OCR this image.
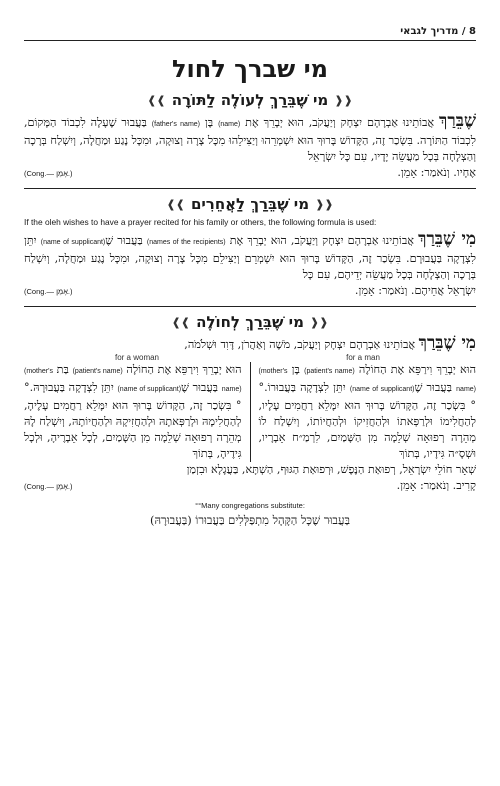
8 / מדריך לגבאי
מי שברך לחול
❰❰
מי שֶׁבֵּרַךְ לְעוֹלֶה לַתּוֹרָה
❱❱
שֶׁבֵּרַךְ אֲבוֹתֵינוּ אַבְרָהָם יִצְחָק וְיַעֲקֹב, הוּא יְבָרֵךְ אֶת (name) בֶּן (father's name) בַּעֲבוּר שֶׁעָלָה לִכְבוֹד הַמָּקוֹם, לִכְבוֹד הַתּוֹרָה. בִּשְׂכַר זֶה, הַקָּדוֹשׁ בָּרוּךְ הוּא יִשְׁמְרֵהוּ וְיַצִּילֵהוּ מִכָּל צָרָה וְצוּקָה, וּמִכָּל נֶגַע וּמַחֲלָה, וְיִשְׁלַח בְּרָכָה וְהַצְלָחָה בְּכָל מַעֲשֵׂה יָדָיו, עִם כָּל יִשְׂרָאֵל
אֶחָיו. וְנֹאמַר: אָמֵן.
(Cong.— אָמֵן.)
❰❰
מי שֶׁבֵּרַךְ לַאֲחֵרִים
❱❱
If the oleh wishes to have a prayer recited for his family or others, the following formula is used:
מִי שֶׁבֵּרַךְ אֲבוֹתֵינוּ אַבְרָהָם יִצְחָק וְיַעֲקֹב, הוּא יְבָרֵךְ אֶת (names of the recipients) בַּעֲבוּר שֶׁ(name of supplicant) יִתֵּן לִצְדָקָה בַּעֲבוּרָם. בִּשְׂכַר זֶה, הַקָּדוֹשׁ בָּרוּךְ הוּא יִשְׁמְרֵם וְיַצִּילֵם מִכָּל צָרָה וְצוּקָה, וּמִכָּל נֶגַע וּמַחֲלָה, וְיִשְׁלַח בְּרָכָה וְהַצְלָחָה בְּכָל מַעֲשֵׂה יְדֵיהֶם, עִם כָּל
יִשְׂרָאֵל אֲחֵיהֶם. וְנֹאמַר: אָמֵן.
(Cong.— אָמֵן.)
❰❰
מי שֶׁבֵּרַךְ לְחוֹלֶה
❱❱
מִי שֶׁבֵּרַךְ אֲבוֹתֵינוּ אַבְרָהָם יִצְחָק וְיַעֲקֹב, מֹשֶׁה וְאַהֲרֹן, דָּוִד וּשְׁלֹמֹה,
for a man
for a woman
הוּא יְבָרֵךְ וִירַפֵּא אֶת הַחוֹלֶה (patient's name) בֶּן (mother's name) בַּעֲבוּר שֶׁ(name of supplicant) יִתֵּן לִצְדָקָה בַּעֲבוּרוֹ.°° בִּשְׂכַר זֶה, הַקָּדוֹשׁ בָּרוּךְ הוּא יִמָּלֵא רַחֲמִים עָלָיו, לְהַחֲלִימוֹ וּלְרַפְּאתוֹ וּלְהַחֲזִיקוֹ וּלְהַחֲיוֹתוֹ, וְיִשְׁלַח לוֹ מְהֵרָה רְפוּאָה שְׁלֵמָה מִן הַשָּׁמַיִם, לִרְמַ״ח אֵבָרָיו, וּשְׁסָ״ה גִּידָיו, בְּתוֹךְ
הוּא יְבָרֵךְ וִירַפֵּא אֶת הַחוֹלָה (patient's name) בַּת (mother's name) בַּעֲבוּר שֶׁ(name of supplicant) יִתֵּן לִצְדָקָה בַּעֲבוּרָהּ.°° בִּשְׂכַר זֶה, הַקָּדוֹשׁ בָּרוּךְ הוּא יִמָּלֵא רַחֲמִים עָלֶיהָ, לְהַחֲלִימָהּ וּלְרַפְּאתָהּ וּלְהַחֲזִיקָהּ וּלְהַחֲיוֹתָהּ, וְיִשְׁלַח לָהּ מְהֵרָה רְפוּאָה שְׁלֵמָה מִן הַשָּׁמַיִם, לְכָל אֵבָרֶיהָ, וּלְכָל גִּידֶיהָ, בְּתוֹךְ
שְׁאָר חוֹלֵי יִשְׂרָאֵל, רְפוּאַת הַנֶּפֶשׁ, וּרְפוּאַת הַגּוּף, הַשְׁתָּא, בַּעֲגָלָא וּבִזְמַן
קָרִיב. וְנֹאמַר: אָמֵן.
(Cong.— אָמֵן.)
°°Many congregations substitute:
בַּעֲבוּר שֶׁכָּל הַקָּהָל מִתְפַּלְּלִים בַּעֲבוּרוֹ (בַּעֲבוּרָהּ)
